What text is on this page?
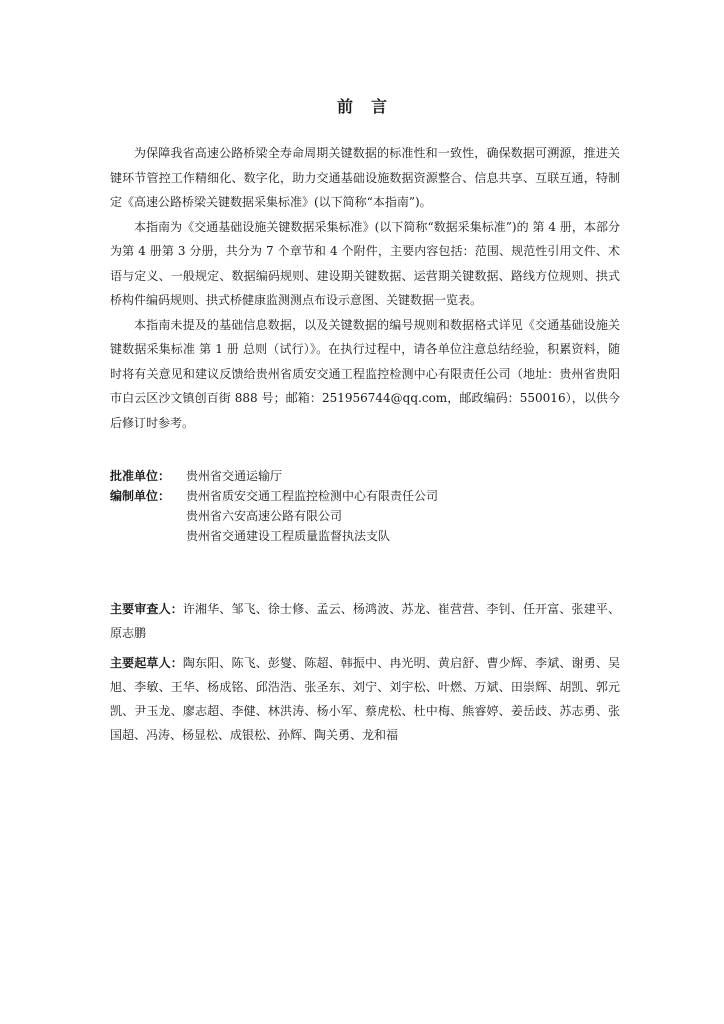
前 言

为保障我省高速公路桥梁全寿命周期关键数据的标准性和一致性，确保数据可溯源，推进关键环节管控工作精细化、数字化，助力交通基础设施数据资源整合、信息共享、互联互通，特制定《高速公路桥梁关键数据采集标准》(以下简称“本指南”)。

本指南为《交通基础设施关键数据采集标准》(以下简称“数据采集标准”)的 第 4 册，本部分为第 4 册第 3 分册，共分为 7 个章节和 4 个附件，主要内容包括：范围、规范性引用文件、术语与定义、一般规定、数据编码规则、建设期关键数据、运营期关键数据、路线方位规则、拱式桥构件编码规则、拱式桥健康监测测点布设示意图、关键数据一览表。

本指南未提及的基础信息数据，以及关键数据的编号规则和数据格式详见《交通基础设施关键数据采集标准 第 1 册 总则（试行）》。在执行过程中，请各单位注意总结经验，积累资料，随时将有关意见和建议反馈给贵州省质安交通工程监控检测中心有限责任公司（地址：贵州省贵阳市白云区沙文镇创百街 888 号；邮箱：251956744@qq.com，邮政编码：550016），以供今后修订时参考。

批准单位：	贵州省交通运输厅
编制单位：	贵州省质安交通工程监控检测中心有限责任公司
贵州省六安高速公路有限公司
贵州省交通建设工程质量监督执法支队

主要审查人：许湘华、邹飞、徐士修、孟云、杨鸿波、苏龙、崔营营、李钊、任开富、张建平、原志鹏

主要起草人：陶东阳、陈飞、彭燮、陈超、韩振中、冉光明、黄启舒、曹少辉、李斌、谢勇、吴旭、李敏、王华、杨成铭、邱浩浩、张圣东、刘宁、刘宇松、叶燃、万斌、田崇辉、胡凯、郭元凯、尹玉龙、廖志超、李健、林洪涛、杨小军、蔡虎松、杜中梅、熊睿婷、姜岳歧、苏志勇、张国超、冯涛、杨显松、成银松、孙辉、陶关勇、龙和福
